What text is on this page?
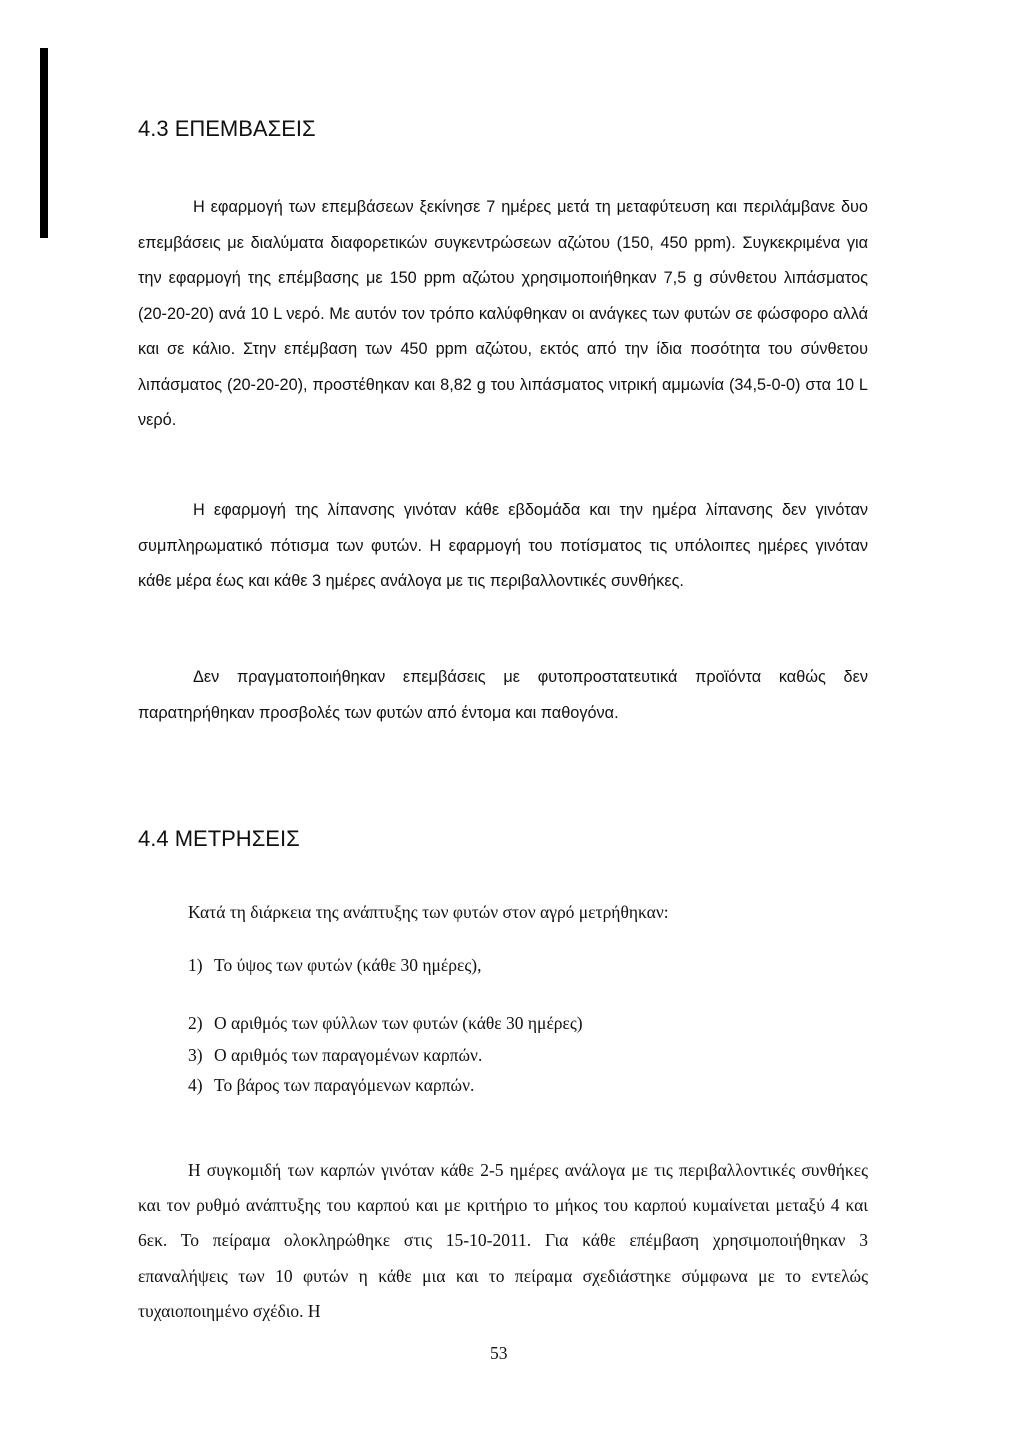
4.3 ΕΠΕΜΒΑΣΕΙΣ

Η εφαρμογή των επεμβάσεων ξεκίνησε 7 ημέρες μετά τη μεταφύτευση και περιλάμβανε δυο επεμβάσεις με διαλύματα διαφορετικών συγκεντρώσεων αζώτου (150, 450 ppm). Συγκεκριμένα για την εφαρμογή της επέμβασης με 150 ppm αζώτου χρησιμοποιήθηκαν 7,5 g σύνθετου λιπάσματος (20-20-20) ανά 10 L νερό. Με αυτόν τον τρόπο καλύφθηκαν οι ανάγκες των φυτών σε φώσφορο αλλά και σε κάλιο. Στην επέμβαση των 450 ppm αζώτου, εκτός από την ίδια ποσότητα του σύνθετου λιπάσματος (20-20-20), προστέθηκαν και 8,82 g του λιπάσματος νιτρική αμμωνία (34,5-0-0) στα 10 L νερό.

Η εφαρμογή της λίπανσης γινόταν κάθε εβδομάδα και την ημέρα λίπανσης δεν γινόταν συμπληρωματικό πότισμα των φυτών. Η εφαρμογή του ποτίσματος τις υπόλοιπες ημέρες γινόταν κάθε μέρα έως και κάθε 3 ημέρες ανάλογα με τις περιβαλλοντικές συνθήκες.

Δεν πραγματοποιήθηκαν επεμβάσεις με φυτοπροστατευτικά προϊόντα καθώς δεν παρατηρήθηκαν προσβολές των φυτών από έντομα και παθογόνα.

4.4 ΜΕΤΡΗΣΕΙΣ

Κατά τη διάρκεια της ανάπτυξης των φυτών στον αγρό μετρήθηκαν:

1) Το ύψος των φυτών (κάθε 30 ημέρες),
2) Ο αριθμός των φύλλων των φυτών (κάθε 30 ημέρες)
3) Ο αριθμός των παραγομένων καρπών.
4) Το βάρος των παραγόμενων καρπών.

Η συγκομιδή των καρπών γινόταν κάθε 2-5 ημέρες ανάλογα με τις περιβαλλοντικές συνθήκες και τον ρυθμό ανάπτυξης του καρπού και με κριτήριο το μήκος του καρπού κυμαίνεται μεταξύ 4 και 6εκ. Το πείραμα ολοκληρώθηκε στις 15-10-2011. Για κάθε επέμβαση χρησιμοποιήθηκαν 3 επαναλήψεις των 10 φυτών η κάθε μια και το πείραμα σχεδιάστηκε σύμφωνα με το εντελώς τυχαιοποιημένο σχέδιο. Η

53
